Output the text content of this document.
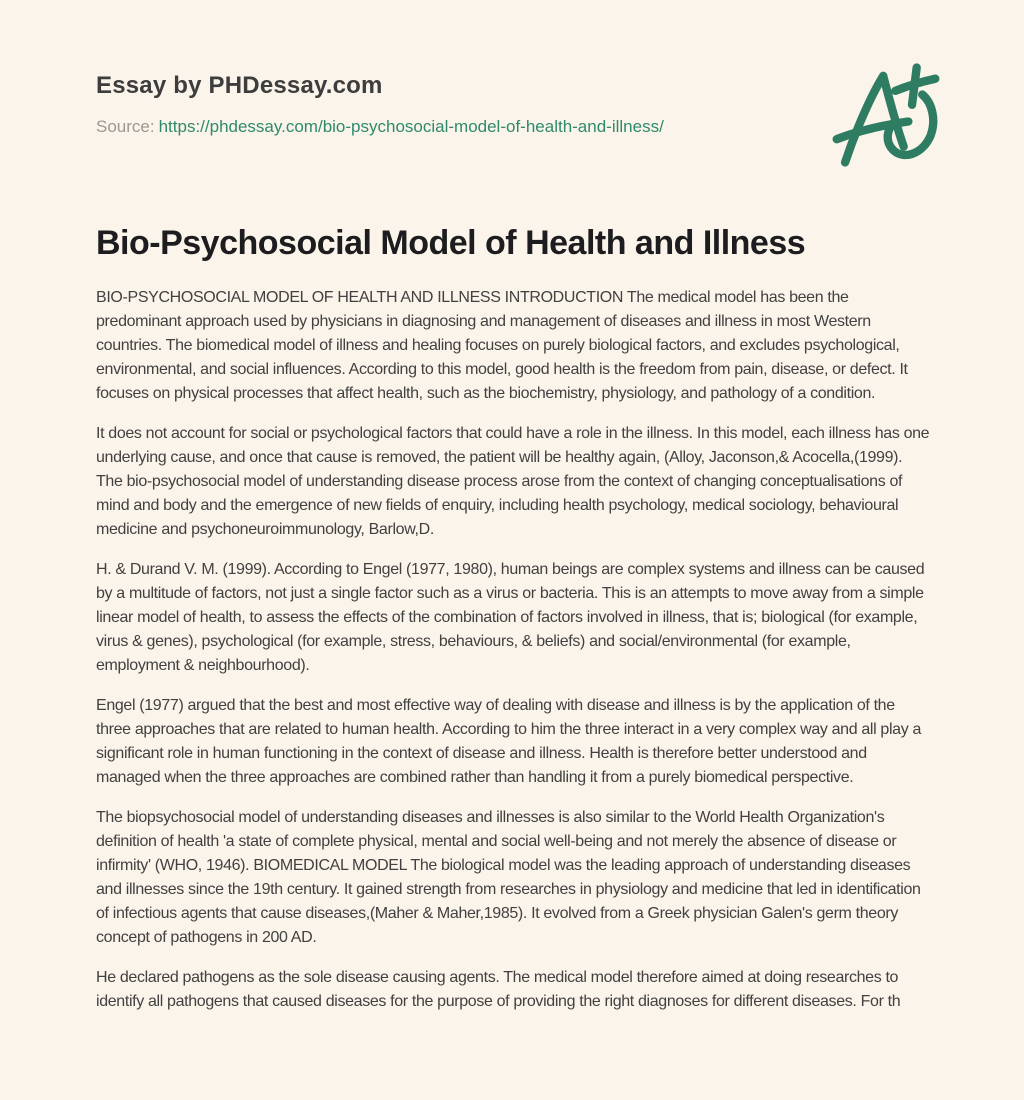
Essay by PHDessay.com
Source: https://phdessay.com/bio-psychosocial-model-of-health-and-illness/
Bio-Psychosocial Model of Health and Illness

BIO-PSYCHOSOCIAL MODEL OF HEALTH AND ILLNESS INTRODUCTION The medical model has been the predominant approach used by physicians in diagnosing and management of diseases and illness in most Western countries. The biomedical model of illness and healing focuses on purely biological factors, and excludes psychological, environmental, and social influences. According to this model, good health is the freedom from pain, disease, or defect. It focuses on physical processes that affect health, such as the biochemistry, physiology, and pathology of a condition.

It does not account for social or psychological factors that could have a role in the illness. In this model, each illness has one underlying cause, and once that cause is removed, the patient will be healthy again, (Alloy, Jaconson,& Acocella,(1999). The bio-psychosocial model of understanding disease process arose from the context of changing conceptualisations of mind and body and the emergence of new fields of enquiry, including health psychology, medical sociology, behavioural medicine and psychoneuroimmunology, Barlow,D.

H. & Durand V. M. (1999). According to Engel (1977, 1980), human beings are complex systems and illness can be caused by a multitude of factors, not just a single factor such as a virus or bacteria. This is an attempts to move away from a simple linear model of health, to assess the effects of the combination of factors involved in illness, that is; biological (for example, virus & genes), psychological (for example, stress, behaviours, & beliefs) and social/environmental (for example, employment & neighbourhood).

Engel (1977) argued that the best and most effective way of dealing with disease and illness is by the application of the three approaches that are related to human health. According to him the three interact in a very complex way and all play a significant role in human functioning in the context of disease and illness. Health is therefore better understood and managed when the three approaches are combined rather than handling it from a purely biomedical perspective.

The biopsychosocial model of understanding diseases and illnesses is also similar to the World Health Organization's definition of health 'a state of complete physical, mental and social well-being and not merely the absence of disease or infirmity' (WHO, 1946). BIOMEDICAL MODEL The biological model was the leading approach of understanding diseases and illnesses since the 19th century. It gained strength from researches in physiology and medicine that led in identification of infectious agents that cause diseases,(Maher & Maher,1985). It evolved from a Greek physician Galen's germ theory concept of pathogens in 200 AD.

He declared pathogens as the sole disease causing agents. The medical model therefore aimed at doing researches to identify all pathogens that caused diseases for the purpose of providing the right diagnoses for different diseases. For th
